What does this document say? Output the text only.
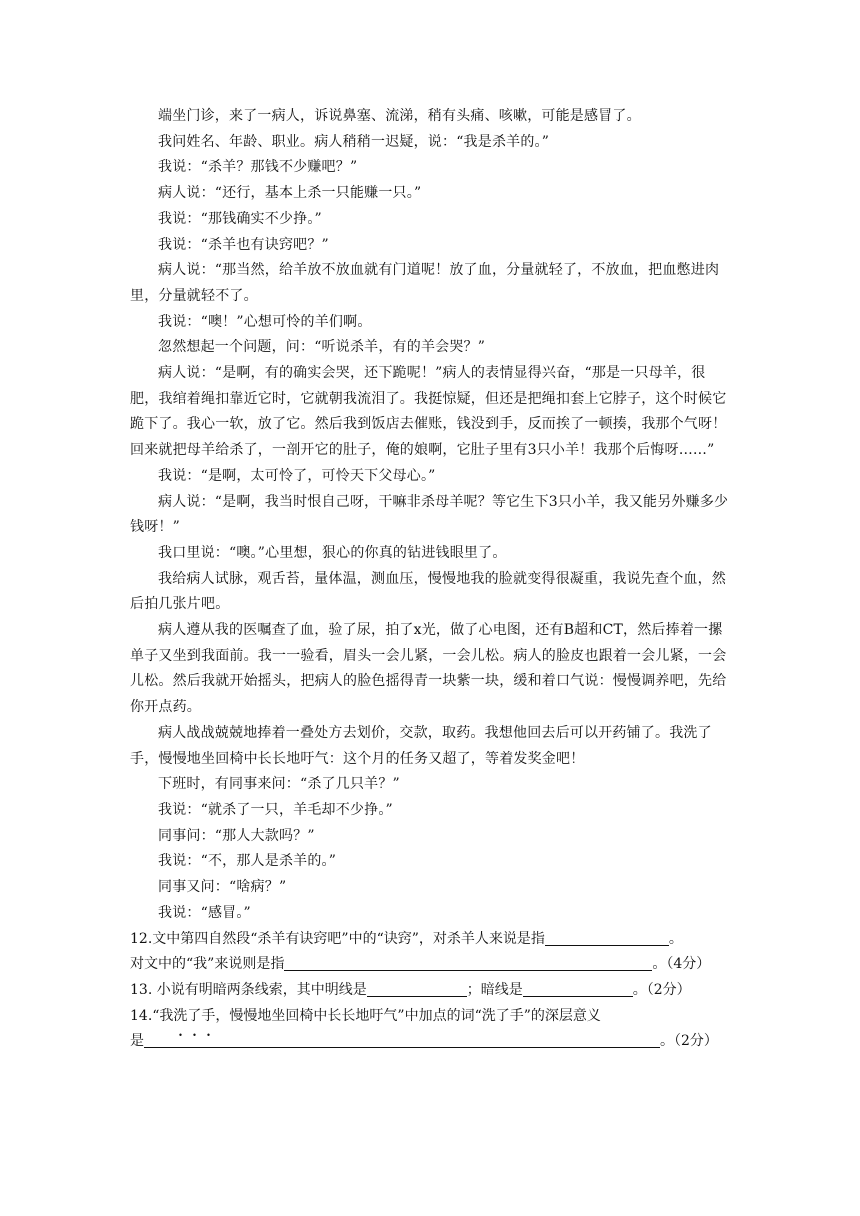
端坐门诊，来了一病人，诉说鼻塞、流涕，稍有头痛、咳嗽，可能是感冒了。

我问姓名、年龄、职业。病人稍稍一迟疑，说：“我是杀羊的。”

我说：“杀羊？那钱不少赚吧？”

病人说：“还行，基本上杀一只能赚一只。”

我说：“那钱确实不少挣。”

我说：“杀羊也有诀窍吧？”

病人说：“那当然，给羊放不放血就有门道呢！放了血，分量就轻了，不放血，把血憋进肉里，分量就轻不了。

我说：“噢！”心想可怜的羊们啊。

忽然想起一个问题，问：“听说杀羊，有的羊会哭？”

病人说：“是啊，有的确实会哭，还下跪呢！”病人的表情显得兴奋，“那是一只母羊，很肥，我绾着绳扣靠近它时，它就朝我流泪了。我挺惊疑，但还是把绳扣套上它脖子，这个时候它跪下了。我心一软，放了它。然后我到饭店去催账，钱没到手，反而挨了一顿揍，我那个气呀！回来就把母羊给杀了，一剖开它的肚子，俺的娘啊，它肚子里有3只小羊！我那个后悔呀……”

我说：“是啊，太可怜了，可怜天下父母心。”

病人说：“是啊，我当时恨自己呀，干嘛非杀母羊呢？等它生下3只小羊，我又能另外赚多少钱呀！”

我口里说：“噢。”心里想，狠心的你真的钻进钱眼里了。

我给病人试脉，观舌苔，量体温，测血压，慢慢地我的脸就变得很凝重，我说先查个血，然后拍几张片吧。

病人遵从我的医嘱查了血，验了尿，拍了x光，做了心电图，还有B超和CT，然后捧着一摞单子又坐到我面前。我一一验看，眉头一会儿紧，一会儿松。病人的脸皮也跟着一会儿紧，一会儿松。然后我就开始摇头，把病人的脸色摇得青一块紫一块，缓和着口气说：慢慢调养吧，先给你开点药。

病人战战兢兢地捧着一叠处方去划价，交款，取药。我想他回去后可以开药铺了。我洗了手，慢慢地坐回椅中长长地吁气：这个月的任务又超了，等着发奖金吧！

下班时，有同事来问：“杀了几只羊？”

我说：“就杀了一只，羊毛却不少挣。”

同事问：“那人大款吗？”

我说：“不，那人是杀羊的。”

同事又问：“啥病？”

我说：“感冒。”

12.文中第四自然段“杀羊有诀窍吧”中的“诀窍”，对杀羊人来说是指	。

对文中的“我”来说则是指	。（4分）

13. 小说有明暗两条线索，其中明线是	；暗线是	。（2分）

14.“我洗了手，慢慢地坐回椅中长长地吁气”中加点的词“洗了手”的深层意义

是	。（2分）
